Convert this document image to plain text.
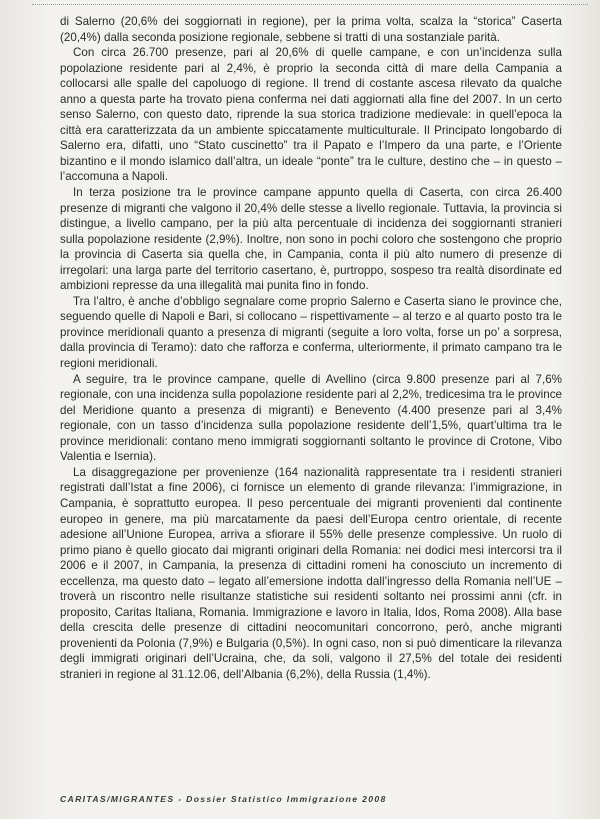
di Salerno (20,6% dei soggiornati in regione), per la prima volta, scalza la “storica” Caserta (20,4%) dalla seconda posizione regionale, sebbene si tratti di una sostanziale parità.

Con circa 26.700 presenze, pari al 20,6% di quelle campane, e con un’incidenza sulla popolazione residente pari al 2,4%, è proprio la seconda città di mare della Campania a collocarsi alle spalle del capoluogo di regione. Il trend di costante ascesa rilevato da qualche anno a questa parte ha trovato piena conferma nei dati aggiornati alla fine del 2007. In un certo senso Salerno, con questo dato, riprende la sua storica tradizione medievale: in quell’epoca la città era caratterizzata da un ambiente spiccatamente multiculturale. Il Principato longobardo di Salerno era, difatti, uno “Stato cuscinetto” tra il Papato e l’Impero da una parte, e l’Oriente bizantino e il mondo islamico dall’altra, un ideale “ponte” tra le culture, destino che – in questo – l’accomuna a Napoli.

In terza posizione tra le province campane appunto quella di Caserta, con circa 26.400 presenze di migranti che valgono il 20,4% delle stesse a livello regionale. Tuttavia, la provincia si distingue, a livello campano, per la più alta percentuale di incidenza dei soggiornanti stranieri sulla popolazione residente (2,9%). Inoltre, non sono in pochi coloro che sostengono che proprio la provincia di Caserta sia quella che, in Campania, conta il più alto numero di presenze di irregolari: una larga parte del territorio casertano, è, purtroppo, sospeso tra realtà disordinate ed ambizioni represse da una illegalità mai punita fino in fondo.

Tra l’altro, è anche d’obbligo segnalare come proprio Salerno e Caserta siano le province che, seguendo quelle di Napoli e Bari, si collocano – rispettivamente – al terzo e al quarto posto tra le province meridionali quanto a presenza di migranti (seguite a loro volta, forse un po’ a sorpresa, dalla provincia di Teramo): dato che rafforza e conferma, ulteriormente, il primato campano tra le regioni meridionali.

A seguire, tra le province campane, quelle di Avellino (circa 9.800 presenze pari al 7,6% regionale, con una incidenza sulla popolazione residente pari al 2,2%, tredicesima tra le province del Meridione quanto a presenza di migranti) e Benevento (4.400 presenze pari al 3,4% regionale, con un tasso d’incidenza sulla popolazione residente dell’1,5%, quart’ultima tra le province meridionali: contano meno immigrati soggiornanti soltanto le province di Crotone, Vibo Valentia e Isernia).

La disaggregazione per provenienze (164 nazionalità rappresentate tra i residenti stranieri registrati dall’Istat a fine 2006), ci fornisce un elemento di grande rilevanza: l’immigrazione, in Campania, è soprattutto europea. Il peso percentuale dei migranti provenienti dal continente europeo in genere, ma più marcatamente da paesi dell’Europa centro orientale, di recente adesione all’Unione Europea, arriva a sfiorare il 55% delle presenze complessive. Un ruolo di primo piano è quello giocato dai migranti originari della Romania: nei dodici mesi intercorsi tra il 2006 e il 2007, in Campania, la presenza di cittadini romeni ha conosciuto un incremento di eccellenza, ma questo dato – legato all’emersione indotta dall’ingresso della Romania nell’UE – troverà un riscontro nelle risultanze statistiche sui residenti soltanto nei prossimi anni (cfr. in proposito, Caritas Italiana, Romania. Immigrazione e lavoro in Italia, Idos, Roma 2008). Alla base della crescita delle presenze di cittadini neocomunitari concorrono, però, anche migranti provenienti da Polonia (7,9%) e Bulgaria (0,5%). In ogni caso, non si può dimenticare la rilevanza degli immigrati originari dell’Ucraina, che, da soli, valgono il 27,5% del totale dei residenti stranieri in regione al 31.12.06, dell’Albania (6,2%), della Russia (1,4%).

CARITAS/MIGRANTES - Dossier Statistico Immigrazione 2008
